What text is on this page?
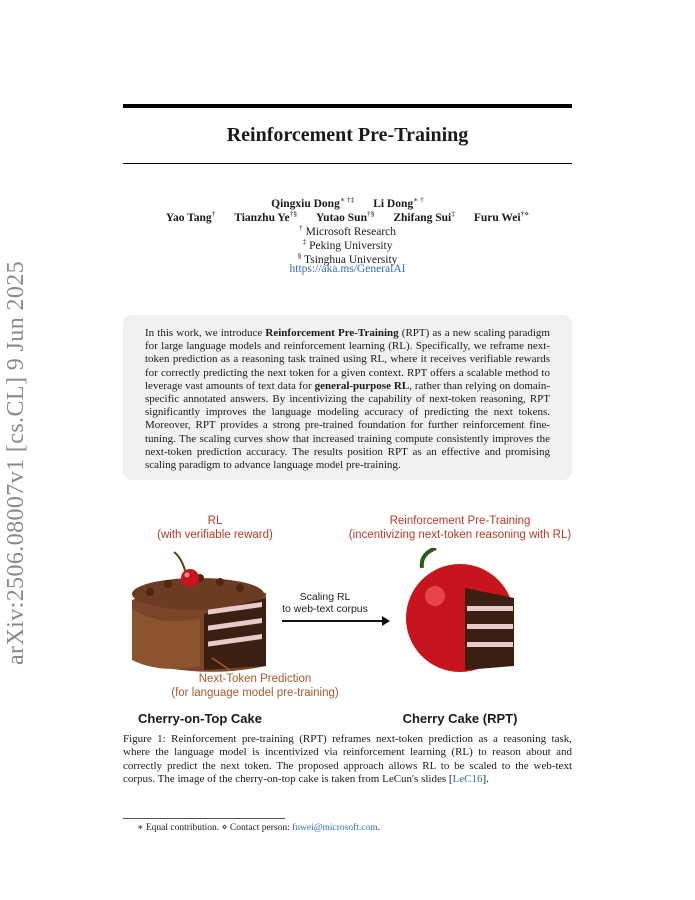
arXiv:2506.08007v1 [cs.CL] 9 Jun 2025
Reinforcement Pre-Training
Qingxiu Dong∗ †‡ Li Dong∗ †
Yao Tang† Tianzhu Ye†§ Yutao Sun†§ Zhifang Sui‡ Furu Wei†⋄
† Microsoft Research
‡ Peking University
§ Tsinghua University
https://aka.ms/GeneralAI
In this work, we introduce Reinforcement Pre-Training (RPT) as a new scaling paradigm for large language models and reinforcement learning (RL). Specifically, we reframe next-token prediction as a reasoning task trained using RL, where it receives verifiable rewards for correctly predicting the next token for a given context. RPT offers a scalable method to leverage vast amounts of text data for general-purpose RL, rather than relying on domain-specific annotated answers. By incentivizing the capability of next-token reasoning, RPT significantly improves the language modeling accuracy of predicting the next tokens. Moreover, RPT provides a strong pre-trained foundation for further reinforcement fine-tuning. The scaling curves show that increased training compute consistently improves the next-token prediction accuracy. The results position RPT as an effective and promising scaling paradigm to advance language model pre-training.
RL
(with verifiable reward)
Reinforcement Pre-Training
(incentivizing next-token reasoning with RL)
Scaling RL
to web-text corpus
Next-Token Prediction
(for language model pre-training)
Cherry-on-Top Cake	Cherry Cake (RPT)
Figure 1: Reinforcement pre-training (RPT) reframes next-token prediction as a reasoning task, where the language model is incentivized via reinforcement learning (RL) to reason about and correctly predict the next token. The proposed approach allows RL to be scaled to the web-text corpus. The image of the cherry-on-top cake is taken from LeCun's slides [LeC16].
∗ Equal contribution. ⋄ Contact person: fuwei@microsoft.com.
